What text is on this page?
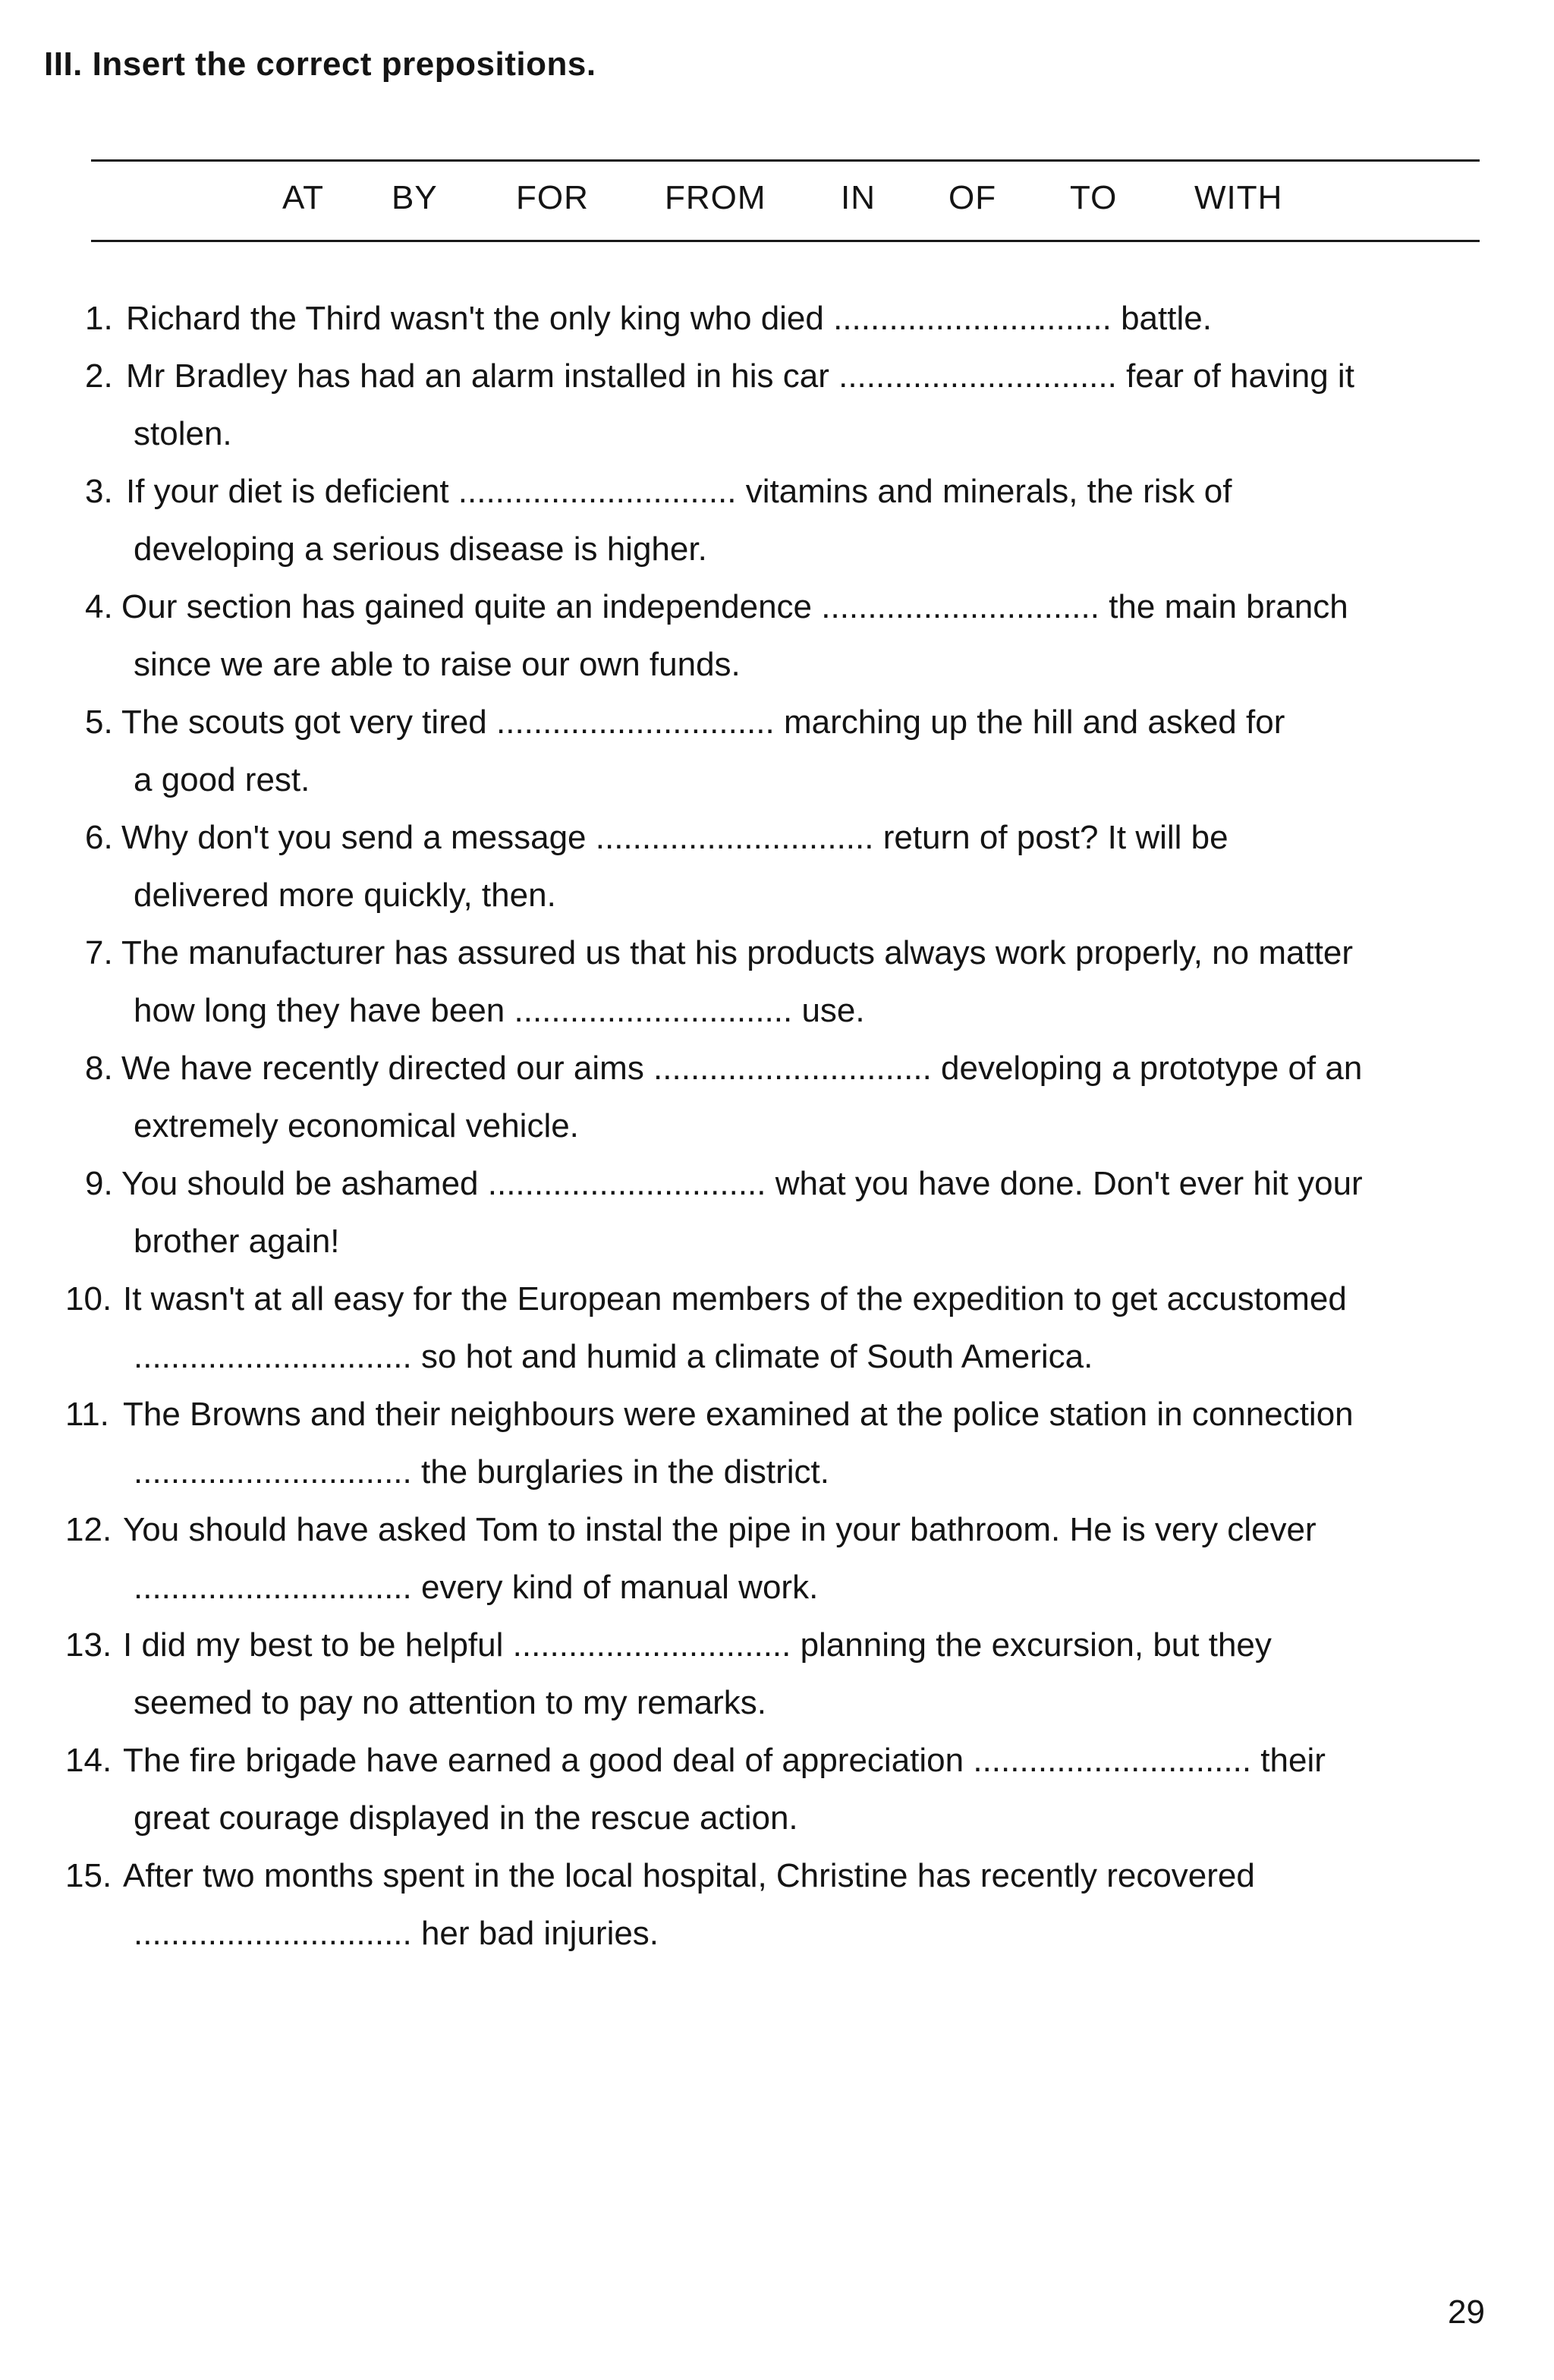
III. Insert the correct prepositions.
AT BY FOR FROM IN OF TO WITH
1. Richard the Third wasn't the only king who died .............................. battle.
2. Mr Bradley has had an alarm installed in his car .............................. fear of having it
stolen.
3. If your diet is deficient .............................. vitamins and minerals, the risk of
developing a serious disease is higher.
4. Our section has gained quite an independence .............................. the main branch
since we are able to raise our own funds.
5. The scouts got very tired .............................. marching up the hill and asked for
a good rest.
6. Why don't you send a message .............................. return of post? It will be
delivered more quickly, then.
7. The manufacturer has assured us that his products always work properly, no matter
how long they have been .............................. use.
8. We have recently directed our aims .............................. developing a prototype of an
extremely economical vehicle.
9. You should be ashamed .............................. what you have done. Don't ever hit your
brother again!
10. It wasn't at all easy for the European members of the expedition to get accustomed
.............................. so hot and humid a climate of South America.
11. The Browns and their neighbours were examined at the police station in connection
.............................. the burglaries in the district.
12. You should have asked Tom to instal the pipe in your bathroom. He is very clever
.............................. every kind of manual work.
13. I did my best to be helpful .............................. planning the excursion, but they
seemed to pay no attention to my remarks.
14. The fire brigade have earned a good deal of appreciation .............................. their
great courage displayed in the rescue action.
15. After two months spent in the local hospital, Christine has recently recovered
.............................. her bad injuries.
29
